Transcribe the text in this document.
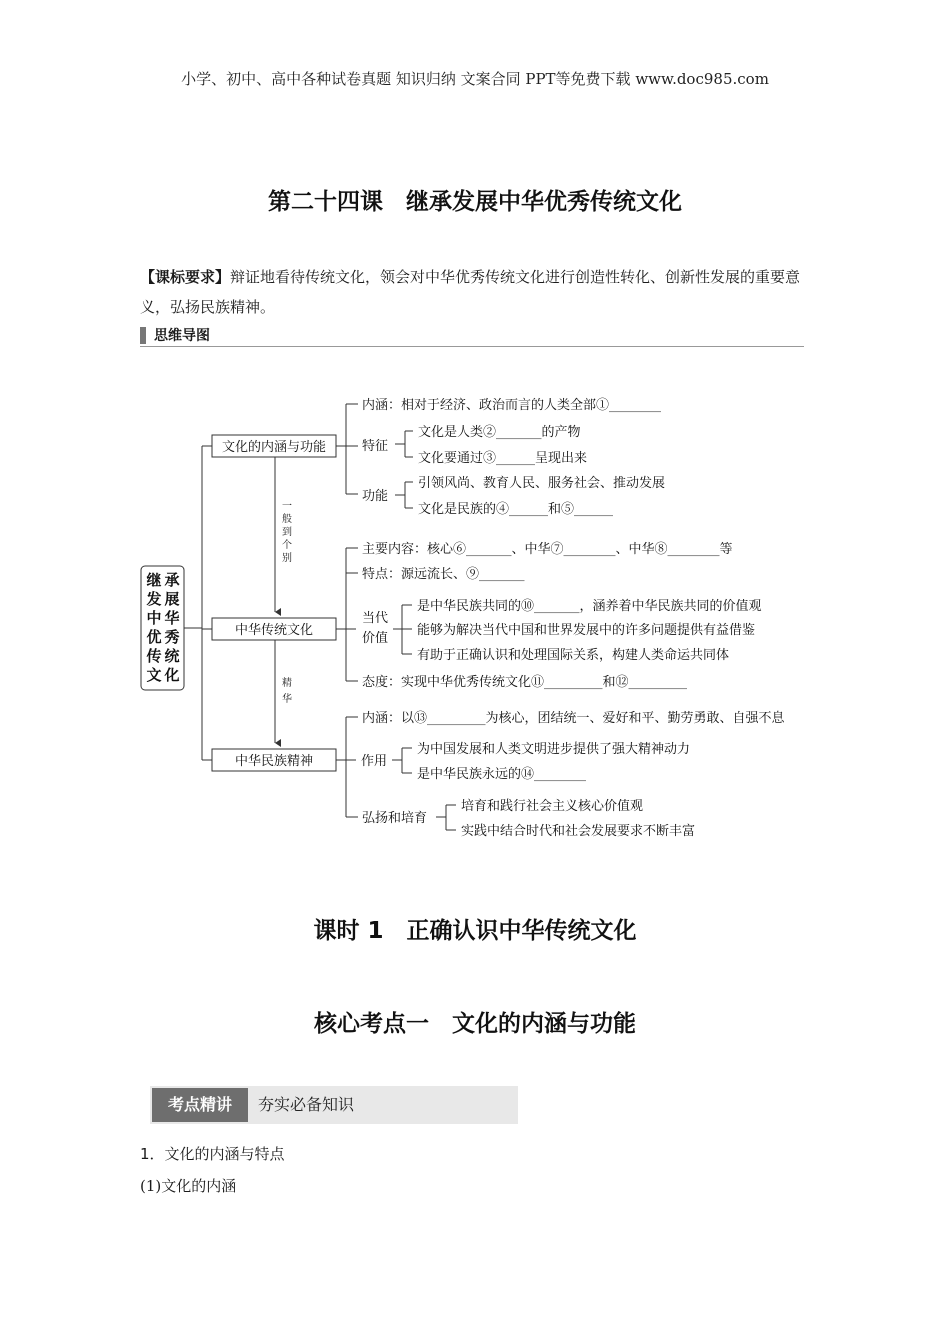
小学、初中、高中各种试卷真题 知识归纳 文案合同 PPT等免费下载 www.doc985.com
第二十四课　继承发展中华优秀传统文化
【课标要求】辩证地看待传统文化，领会对中华优秀传统文化进行创造性转化、创新性发展的重要意义，弘扬民族精神。
思维导图
继 承
发 展
中 华
优 秀
传 统
文 化
文化的内涵与功能
中华传统文化
中华民族精神
一
般
到
个
别
精
华
内涵：相对于经济、政治而言的人类全部①________
特征
文化是人类②_______的产物
文化要通过③______呈现出来
功能
引领风尚、教育人民、服务社会、推动发展
文化是民族的④______和⑤______
主要内容：核心⑥_______、中华⑦________、中华⑧________等
特点：源远流长、⑨_______
当代
价值
是中华民族共同的⑩_______，涵养着中华民族共同的价值观
能够为解决当代中国和世界发展中的许多问题提供有益借鉴
有助于正确认识和处理国际关系，构建人类命运共同体
态度：实现中华优秀传统文化⑪_________和⑫_________
内涵：以⑬_________为核心，团结统一、爱好和平、勤劳勇敢、自强不息
作用
为中国发展和人类文明进步提供了强大精神动力
是中华民族永远的⑭________
弘扬和培育
培育和践行社会主义核心价值观
实践中结合时代和社会发展要求不断丰富
课时 1　正确认识中华传统文化
核心考点一　文化的内涵与功能
考点精讲	夯实必备知识
1．文化的内涵与特点
(1)文化的内涵
